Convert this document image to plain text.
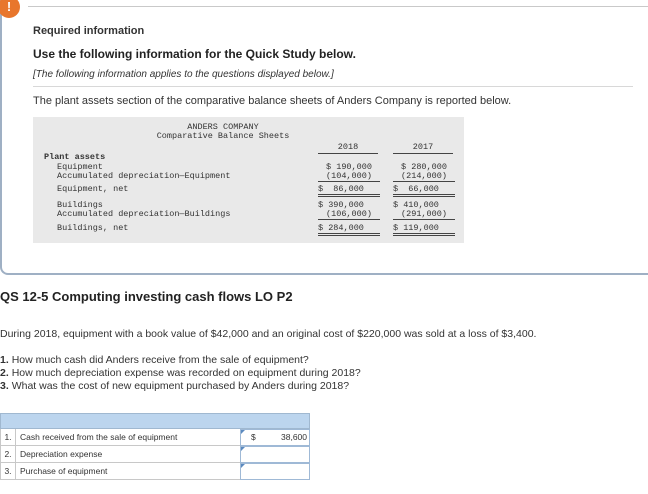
!
Required information
Use the following information for the Quick Study below.
[The following information applies to the questions displayed below.]
The plant assets section of the comparative balance sheets of Anders Company is reported below.
ANDERS COMPANY
Comparative Balance Sheets
2018	2017
Plant assets
Equipment	$ 190,000	$ 280,000
Accumulated depreciation—Equipment	(104,000)	(214,000)
Equipment, net	$  86,000	$  66,000
Buildings	$ 390,000	$ 410,000
Accumulated depreciation—Buildings	(106,000)	(291,000)
Buildings, net	$ 284,000	$ 119,000
QS 12-5 Computing investing cash flows LO P2
During 2018, equipment with a book value of $42,000 and an original cost of $220,000 was sold at a loss of $3,400.
1. How much cash did Anders receive from the sale of equipment?
2. How much depreciation expense was recorded on equipment during 2018?
3. What was the cost of new equipment purchased by Anders during 2018?
1. Cash received from the sale of equipment	$	38,600
2. Depreciation expense
3. Purchase of equipment
